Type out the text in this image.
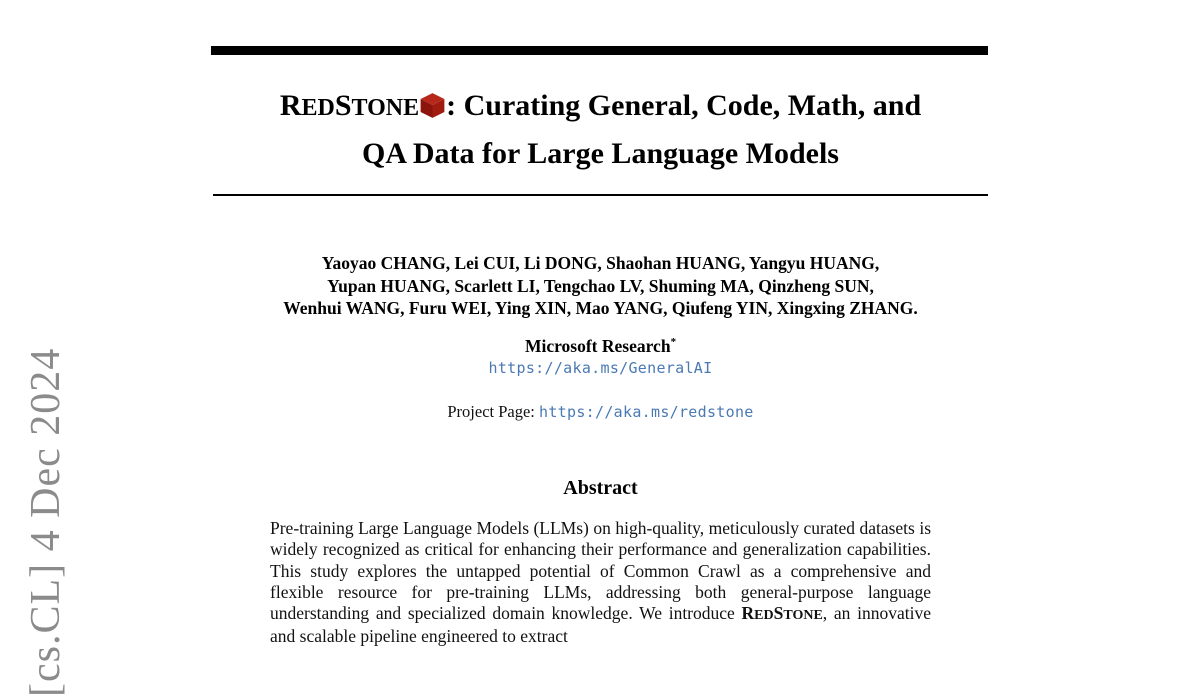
[cs.CL] 4 Dec 2024
REDSTONE : Curating General, Code, Math, and
QA Data for Large Language Models
Yaoyao CHANG, Lei CUI, Li DONG, Shaohan HUANG, Yangyu HUANG,
Yupan HUANG, Scarlett LI, Tengchao LV, Shuming MA, Qinzheng SUN,
Wenhui WANG, Furu WEI, Ying XIN, Mao YANG, Qiufeng YIN, Xingxing ZHANG.
Microsoft Research*
https://aka.ms/GeneralAI
Project Page: https://aka.ms/redstone
Abstract
Pre-training Large Language Models (LLMs) on high-quality, meticulously curated datasets is widely recognized as critical for enhancing their performance and generalization capabilities. This study explores the untapped potential of Common Crawl as a comprehensive and flexible resource for pre-training LLMs, addressing both general-purpose language understanding and specialized domain knowledge. We introduce REDSTONE, an innovative and scalable pipeline engineered to extract
